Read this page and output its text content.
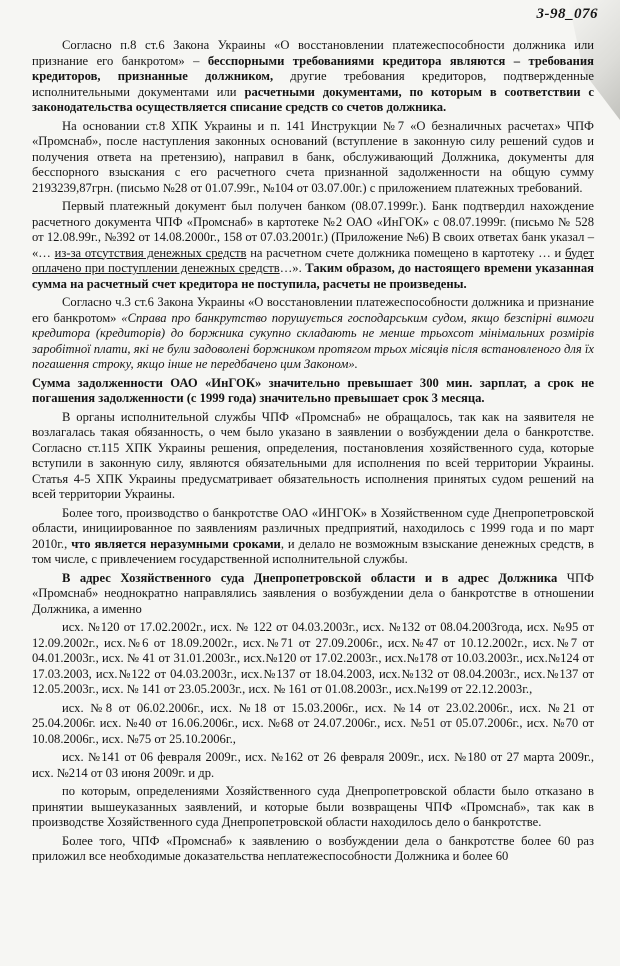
3-98_076

Согласно п.8 ст.6 Закона Украины «О восстановлении платежеспособности должника или признание его банкротом» – бесспорными требованиями кредитора являются – требования кредиторов, признанные должником, другие требования кредиторов, подтвержденные исполнительными документами или расчетными документами, по которым в соответствии с законодательства осуществляется списание средств со счетов должника.

На основании ст.8 ХПК Украины и п. 141 Инструкции №7 «О безналичных расчетах» ЧПФ «Промснаб», после наступления законных оснований (вступление в законную силу решений судов и получения ответа на претензию), направил в банк, обслуживающий Должника, документы для бесспорного взыскания с его расчетного счета признанной задолженности на общую сумму 2193239,87грн. (письмо №28 от 01.07.99г., №104 от 03.07.00г.) с приложением платежных требований.

Первый платежный документ был получен банком (08.07.1999г.). Банк подтвердил нахождение расчетного документа ЧПФ «Промснаб» в картотеке №2 ОАО «ИнГОК» с 08.07.1999г. (письмо № 528 от 12.08.99г., №392 от 14.08.2000г., 158 от 07.03.2001г.) (Приложение №6) В своих ответах банк указал – «… из-за отсутствия денежных средств на расчетном счете должника помещено в картотеку … и будет оплачено при поступлении денежных средств…». Таким образом, до настоящего времени указанная сумма на расчетный счет кредитора не поступила, расчеты не произведены.

Согласно ч.3 ст.6 Закона Украины «О восстановлении платежеспособности должника и признание его банкротом» «Справа про банкрутство порушується господарським судом, якщо безспірні вимоги кредитора (кредиторів) до боржника сукупно складають не менше трьохсот мінімальних розмірів заробітної плати, які не були задоволені боржником протягом трьох місяців після встановленого для їх погашення строку, якщо інше не передбачено цим Законом».

Сумма задолженности ОАО «ИнГОК» значительно превышает 300 мин. зарплат, а срок не погашения задолженности (с 1999 года) значительно превышает срок 3 месяца.

В органы исполнительной службы ЧПФ «Промснаб» не обращалось, так как на заявителя не возлагалась такая обязанность, о чем было указано в заявлении о возбуждении дела о банкротстве. Согласно ст.115 ХПК Украины решения, определения, постановления хозяйственного суда, которые вступили в законную силу, являются обязательными для исполнения по всей территории Украины. Статья 4-5 ХПК Украины предусматривает обязательность исполнения принятых судом решений на всей территории Украины.

Более того, производство о банкротстве ОАО «ИНГОК» в Хозяйственном суде Днепропетровской области, инициированное по заявлениям различных предприятий, находилось с 1999 года и по март 2010г., что является неразумными сроками, и делало не возможным взыскание денежных средств, в том числе, с привлечением государственной исполнительной службы.

В адрес Хозяйственного суда Днепропетровской области и в адрес Должника ЧПФ «Промснаб» неоднократно направлялись заявления о возбуждении дела о банкротстве в отношении Должника, а именно

исх. №120 от 17.02.2002г., исх. № 122 от 04.03.2003г., исх. №132 от 08.04.2003года, исх. №95 от 12.09.2002г., исх.№6 от 18.09.2002г., исх.№71 от 27.09.2006г., исх.№47 от 10.12.2002г., исх.№7 от 04.01.2003г., исх. № 41 от 31.01.2003г., исх.№120 от 17.02.2003г., исх.№178 от 10.03.2003г., исх.№124 от 17.03.2003, исх.№122 от 04.03.2003г., исх.№137 от 18.04.2003, исх.№132 от 08.04.2003г., исх.№137 от 12.05.2003г., исх. № 141 от 23.05.2003г., исх. № 161 от 01.08.2003г., исх.№199 от 22.12.2003г.,

исх. №8 от 06.02.2006г., исх. №18 от 15.03.2006г., исх. №14 от 23.02.2006г., исх. №21 от 25.04.2006г. исх. №40 от 16.06.2006г., исх. №68 от 24.07.2006г., исх. №51 от 05.07.2006г., исх. №70 от 10.08.2006г., исх. №75 от 25.10.2006г.,

исх. №141 от 06 февраля 2009г., исх. №162 от 26 февраля 2009г., исх. №180 от 27 марта 2009г., исх. №214 от 03 июня 2009г. и др.

по которым, определениями Хозяйственного суда Днепропетровской области было отказано в принятии вышеуказанных заявлений, и которые были возвращены ЧПФ «Промснаб», так как в производстве Хозяйственного суда Днепропетровской области находилось дело о банкротстве.

Более того, ЧПФ «Промснаб» к заявлению о возбуждении дела о банкротстве более 60 раз приложил все необходимые доказательства неплатежеспособности Должника и более 60
